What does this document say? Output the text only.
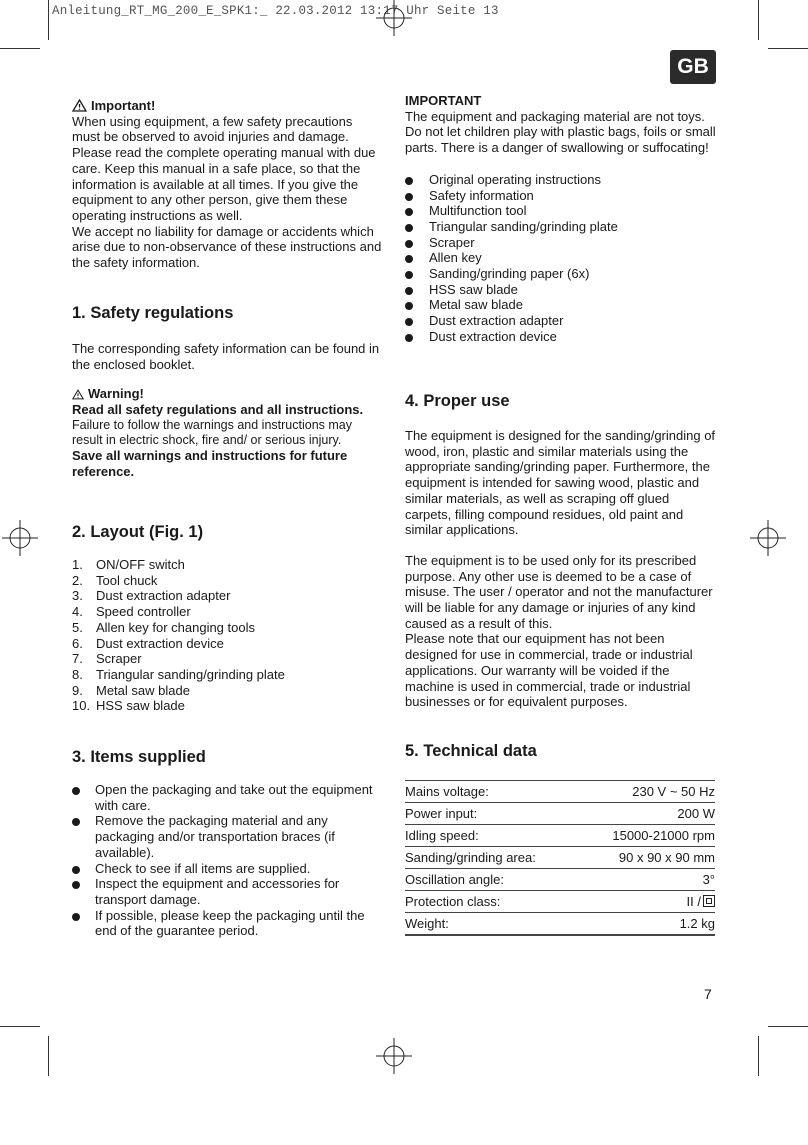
Anleitung_RT_MG_200_E_SPK1:_ 22.03.2012 13:17 Uhr Seite 13
GB
Important!

When using equipment, a few safety precautions must be observed to avoid injuries and damage. Please read the complete operating manual with due care. Keep this manual in a safe place, so that the information is available at all times. If you give the equipment to any other person, give them these operating instructions as well.

We accept no liability for damage or accidents which arise due to non-observance of these instructions and the safety information.

1. Safety regulations

The corresponding safety information can be found in the enclosed booklet.

Warning!

Read all safety regulations and all instructions.

Failure to follow the warnings and instructions may result in electric shock, fire and/ or serious injury.

Save all warnings and instructions for future reference.

2. Layout (Fig. 1)
1.	ON/OFF switch
2.	Tool chuck
3.	Dust extraction adapter
4.	Speed controller
5.	Allen key for changing tools
6.	Dust extraction device
7.	Scraper
8.	Triangular sanding/grinding plate
9.	Metal saw blade
10. HSS saw blade
3. Items supplied
Open the packaging and take out the equipment with care.
Remove the packaging material and any packaging and/or transportation braces (if available).
Check to see if all items are supplied.
Inspect the equipment and accessories for transport damage.
If possible, please keep the packaging until the end of the guarantee period.

IMPORTANT

The equipment and packaging material are not toys. Do not let children play with plastic bags, foils or small parts. There is a danger of swallowing or suffocating!

Original operating instructions
Safety information
Multifunction tool
Triangular sanding/grinding plate
Scraper
Allen key
Sanding/grinding paper (6x)
HSS saw blade
Metal saw blade
Dust extraction adapter
Dust extraction device
4. Proper use

The equipment is designed for the sanding/grinding of wood, iron, plastic and similar materials using the appropriate sanding/grinding paper. Furthermore, the equipment is intended for sawing wood, plastic and similar materials, as well as scraping off glued carpets, filling compound residues, old paint and similar applications.

The equipment is to be used only for its prescribed purpose. Any other use is deemed to be a case of misuse. The user / operator and not the manufacturer will be liable for any damage or injuries of any kind caused as a result of this.

Please note that our equipment has not been designed for use in commercial, trade or industrial applications. Our warranty will be voided if the machine is used in commercial, trade or industrial businesses or for equivalent purposes.

5. Technical data
Mains voltage:	230 V ~ 50 Hz
Power input:	200 W
Idling speed:	15000-21000 rpm
Sanding/grinding area:	90 x 90 x 90 mm
Oscillation angle:	3°
Protection class:	II /
Weight:	1.2 kg
7
